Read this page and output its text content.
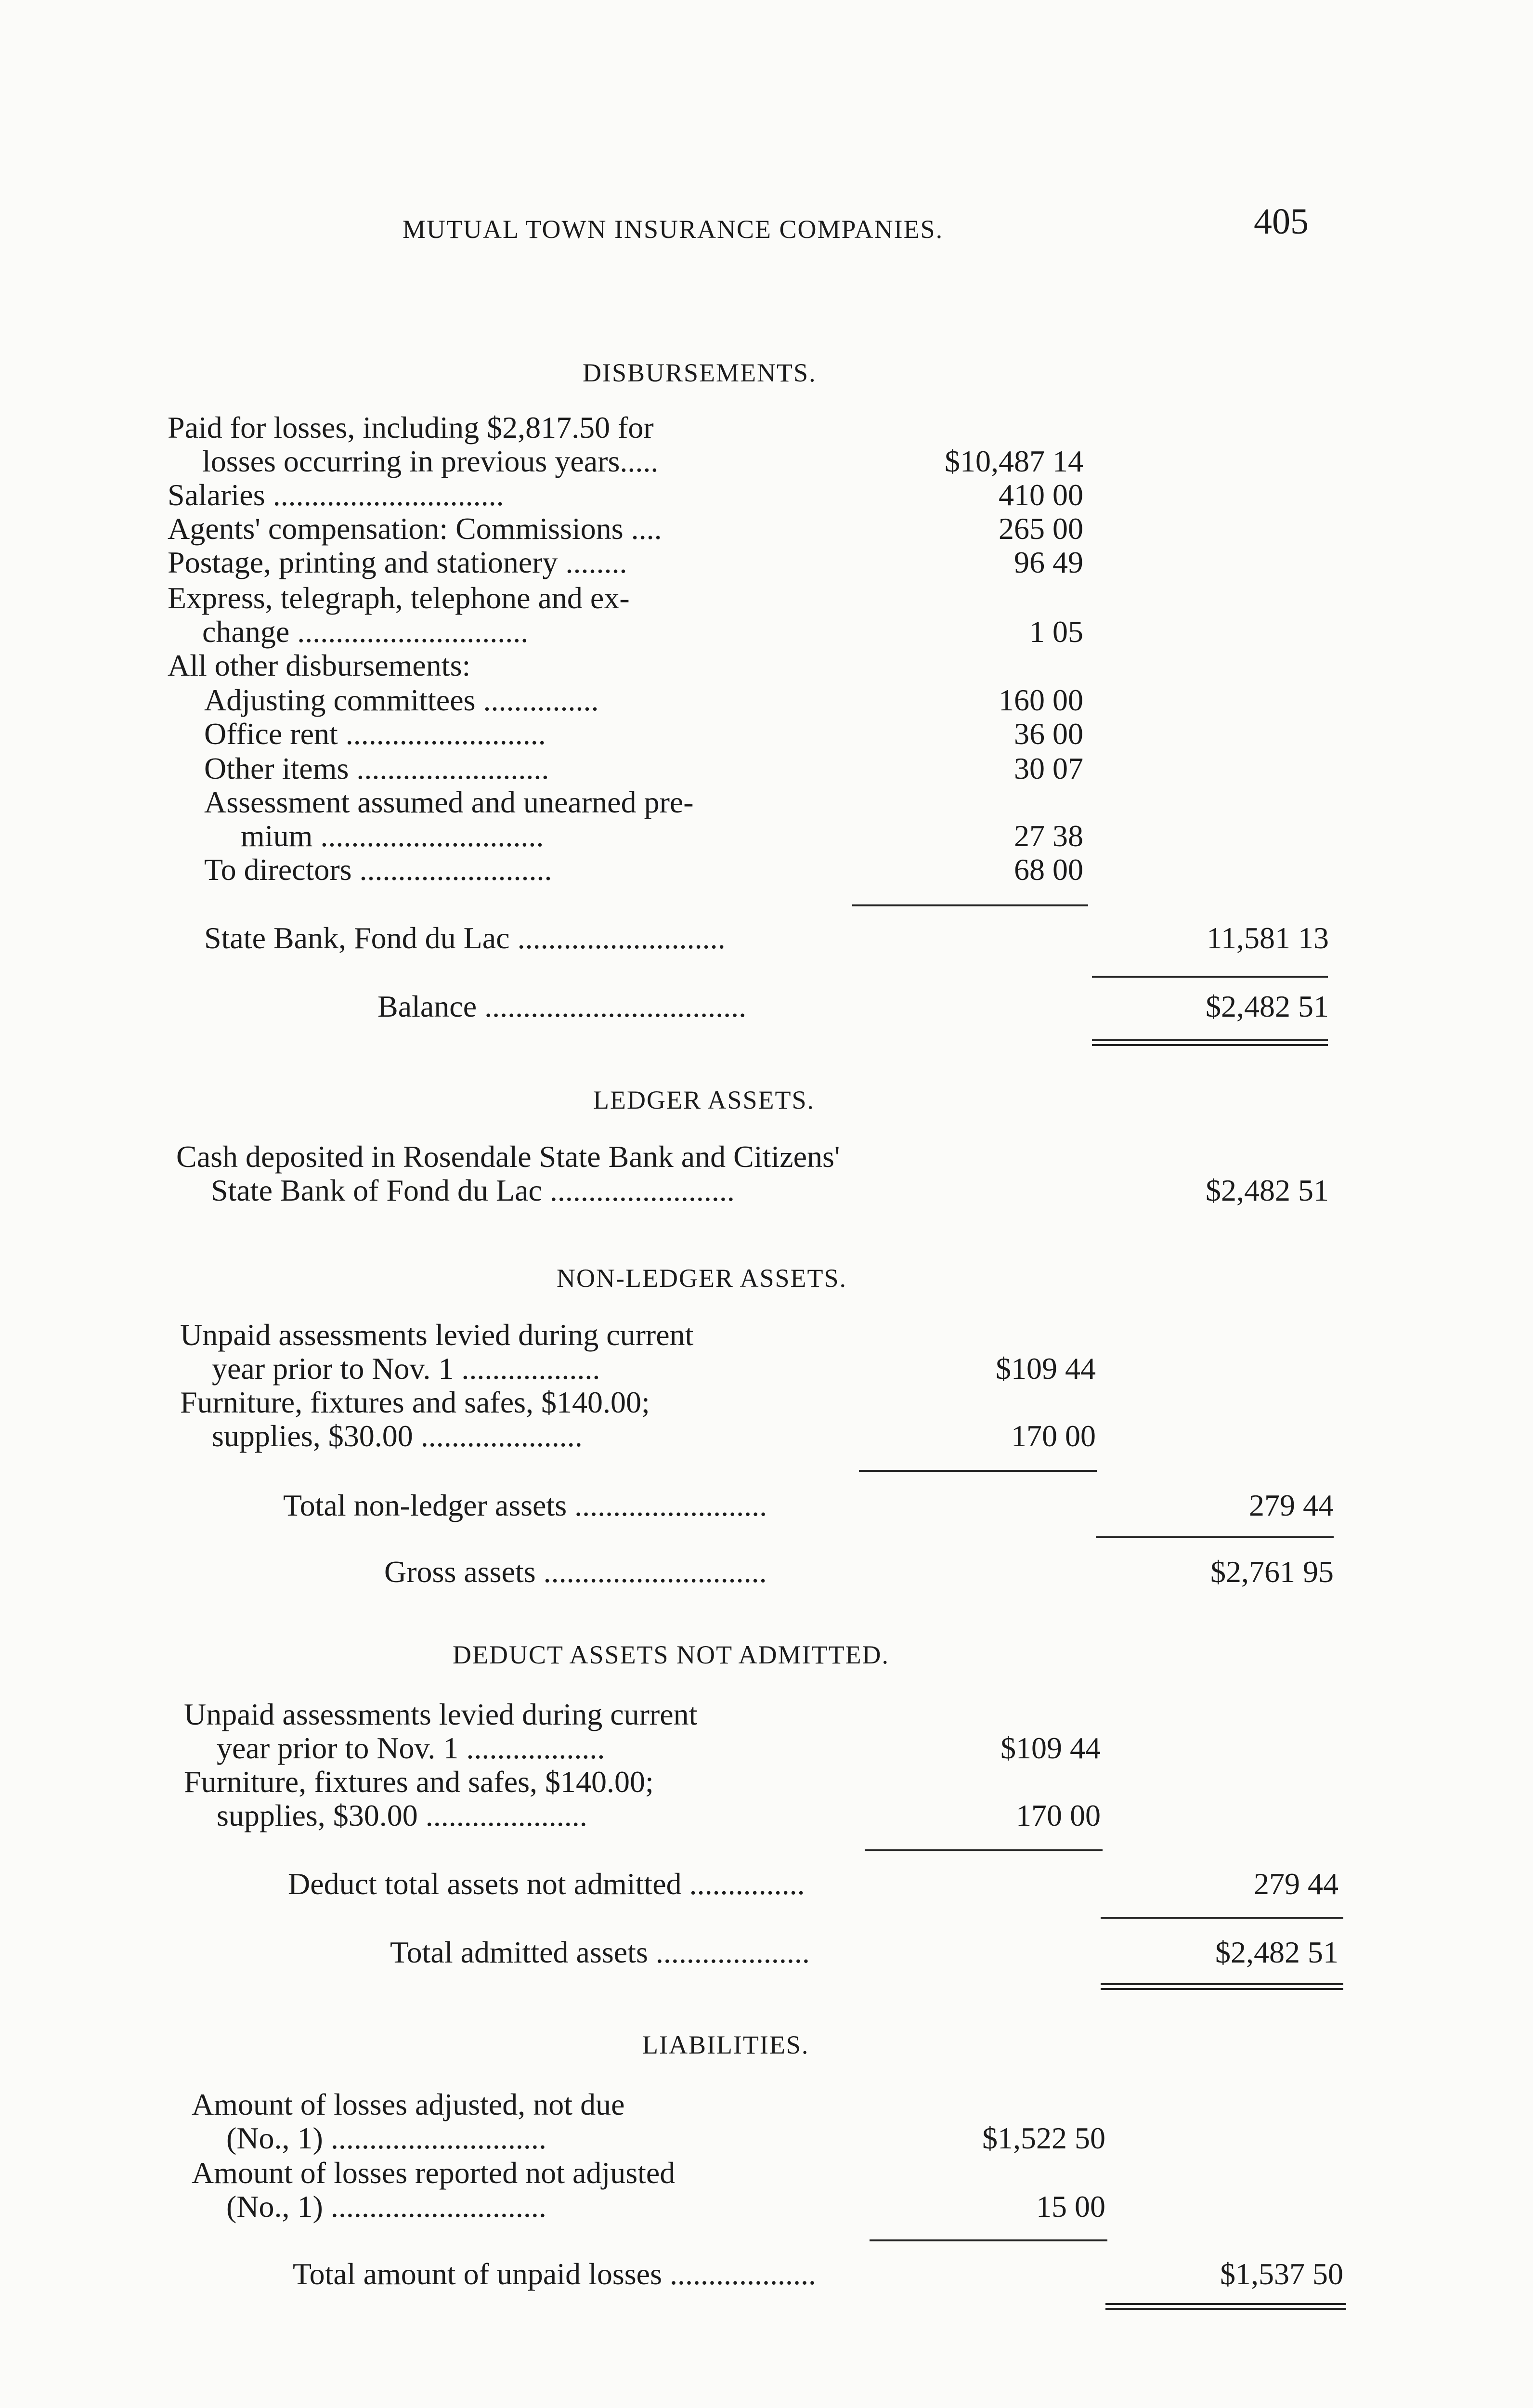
MUTUAL TOWN INSURANCE COMPANIES.	405
DISBURSEMENTS.
Paid for losses, including $2,817.50 for
losses occurring in previous years.....	$10,487 14
Salaries ..............................	410 00
Agents' compensation: Commissions ....	265 00
Postage, printing and stationery ........	96 49
Express, telegraph, telephone and ex-
change ..............................	1 05
All other disbursements:
Adjusting committees ...............	160 00
Office rent ..........................	36 00
Other items .........................	30 07
Assessment assumed and unearned pre-
mium .............................	27 38
To directors .........................	68 00
State Bank, Fond du Lac ...........................	11,581 13
Balance ..................................	$2,482 51
LEDGER ASSETS.
Cash deposited in Rosendale State Bank and Citizens'
State Bank of Fond du Lac ........................	$2,482 51
NON-LEDGER ASSETS.
Unpaid assessments levied during current
year prior to Nov. 1 ..................	$109 44
Furniture, fixtures and safes, $140.00;
supplies, $30.00 .....................	170 00
Total non-ledger assets .........................	279 44
Gross assets .............................	$2,761 95
DEDUCT ASSETS NOT ADMITTED.
Unpaid assessments levied during current
year prior to Nov. 1 ..................	$109 44
Furniture, fixtures and safes, $140.00;
supplies, $30.00 .....................	170 00
Deduct total assets not admitted ...............	279 44
Total admitted assets ....................	$2,482 51
LIABILITIES.
Amount of losses adjusted, not due
(No., 1) ............................	$1,522 50
Amount of losses reported not adjusted
(No., 1) ............................	15 00
Total amount of unpaid losses ...................	$1,537 50
